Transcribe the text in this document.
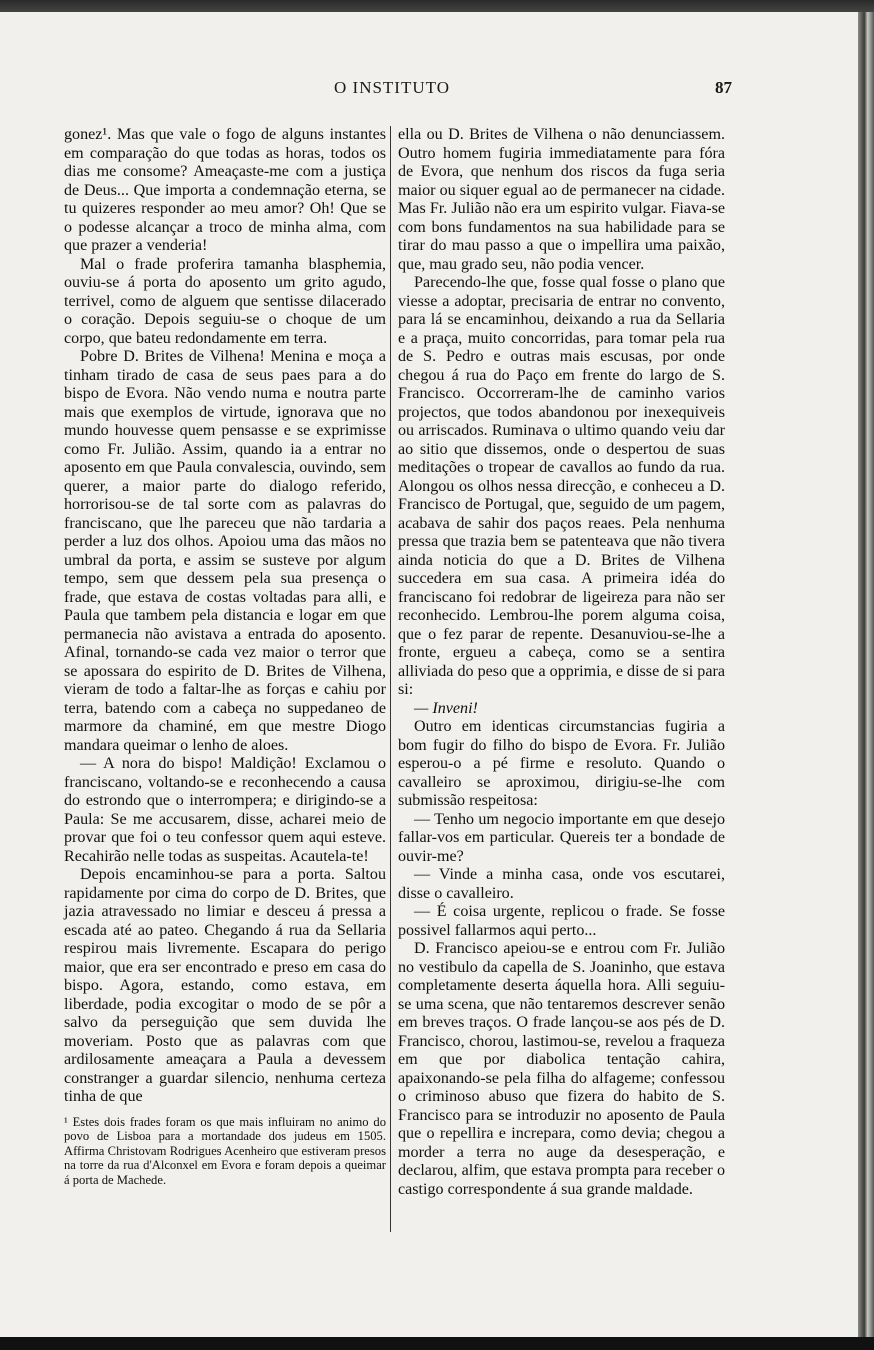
O INSTITUTO	87

gonez¹. Mas que vale o fogo de alguns instantes em comparação do que todas as horas, todos os dias me consome? Ameaçaste-me com a justiça de Deus... Que importa a condemnação eterna, se tu quizeres responder ao meu amor? Oh! Que se o podesse alcançar a troco de minha alma, com que prazer a venderia!

Mal o frade proferira tamanha blasphemia, ouviu-se á porta do aposento um grito agudo, terrivel, como de alguem que sentisse dilacerado o coração. Depois seguiu-se o choque de um corpo, que bateu redondamente em terra.

Pobre D. Brites de Vilhena! Menina e moça a tinham tirado de casa de seus paes para a do bispo de Evora. Não vendo numa e noutra parte mais que exemplos de virtude, ignorava que no mundo houvesse quem pensasse e se exprimisse como Fr. Julião. Assim, quando ia a entrar no aposento em que Paula convalescia, ouvindo, sem querer, a maior parte do dialogo referido, horrorisou-se de tal sorte com as palavras do franciscano, que lhe pareceu que não tardaria a perder a luz dos olhos. Apoiou uma das mãos no umbral da porta, e assim se susteve por algum tempo, sem que dessem pela sua presença o frade, que estava de costas voltadas para alli, e Paula que tambem pela distancia e logar em que permanecia não avistava a entrada do aposento. Afinal, tornando-se cada vez maior o terror que se apossara do espirito de D. Brites de Vilhena, vieram de todo a faltar-lhe as forças e cahiu por terra, batendo com a cabeça no suppedaneo de marmore da chaminé, em que mestre Diogo mandara queimar o lenho de aloes.

— A nora do bispo! Maldição! Exclamou o franciscano, voltando-se e reconhecendo a causa do estrondo que o interrompera; e dirigindo-se a Paula: Se me accusarem, disse, acharei meio de provar que foi o teu confessor quem aqui esteve. Recahirão nelle todas as suspeitas. Acautela-te!

Depois encaminhou-se para a porta. Saltou rapidamente por cima do corpo de D. Brites, que jazia atravessado no limiar e desceu á pressa a escada até ao pateo. Chegando á rua da Sellaria respirou mais livremente. Escapara do perigo maior, que era ser encontrado e preso em casa do bispo. Agora, estando, como estava, em liberdade, podia excogitar o modo de se pôr a salvo da perseguição que sem duvida lhe moveriam. Posto que as palavras com que ardilosamente ameaçara a Paula a devessem constranger a guardar silencio, nenhuma certeza tinha de que

¹ Estes dois frades foram os que mais influiram no animo do povo de Lisboa para a mortandade dos judeus em 1505. Affirma Christovam Rodrigues Acenheiro que estiveram presos na torre da rua d'Alconxel em Evora e foram depois a queimar á porta de Machede.

ella ou D. Brites de Vilhena o não denunciassem. Outro homem fugiria immediatamente para fóra de Evora, que nenhum dos riscos da fuga seria maior ou siquer egual ao de permanecer na cidade. Mas Fr. Julião não era um espirito vulgar. Fiava-se com bons fundamentos na sua habilidade para se tirar do mau passo a que o impellira uma paixão, que, mau grado seu, não podia vencer.

Parecendo-lhe que, fosse qual fosse o plano que viesse a adoptar, precisaria de entrar no convento, para lá se encaminhou, deixando a rua da Sellaria e a praça, muito concorridas, para tomar pela rua de S. Pedro e outras mais escusas, por onde chegou á rua do Paço em frente do largo de S. Francisco. Occorreram-lhe de caminho varios projectos, que todos abandonou por inexequiveis ou arriscados. Ruminava o ultimo quando veiu dar ao sitio que dissemos, onde o despertou de suas meditações o tropear de cavallos ao fundo da rua. Alongou os olhos nessa direcção, e conheceu a D. Francisco de Portugal, que, seguido de um pagem, acabava de sahir dos paços reaes. Pela nenhuma pressa que trazia bem se patenteava que não tivera ainda noticia do que a D. Brites de Vilhena succedera em sua casa. A primeira idéa do franciscano foi redobrar de ligeireza para não ser reconhecido. Lembrou-lhe porem alguma coisa, que o fez parar de repente. Desanuviou-se-lhe a fronte, ergueu a cabeça, como se a sentira alliviada do peso que a opprimia, e disse de si para si:

— Inveni!

Outro em identicas circumstancias fugiria a bom fugir do filho do bispo de Evora. Fr. Julião esperou-o a pé firme e resoluto. Quando o cavalleiro se aproximou, dirigiu-se-lhe com submissão respeitosa:

— Tenho um negocio importante em que desejo fallar-vos em particular. Quereis ter a bondade de ouvir-me?

— Vinde a minha casa, onde vos escutarei, disse o cavalleiro.

— É coisa urgente, replicou o frade. Se fosse possivel fallarmos aqui perto...

D. Francisco apeiou-se e entrou com Fr. Julião no vestibulo da capella de S. Joaninho, que estava completamente deserta áquella hora. Alli seguiu-se uma scena, que não tentaremos descrever senão em breves traços. O frade lançou-se aos pés de D. Francisco, chorou, lastimou-se, revelou a fraqueza em que por diabolica tentação cahira, apaixonando-se pela filha do alfageme; confessou o criminoso abuso que fizera do habito de S. Francisco para se introduzir no aposento de Paula que o repellira e increpara, como devia; chegou a morder a terra no auge da desesperação, e declarou, alfim, que estava prompta para receber o castigo correspondente á sua grande maldade.
